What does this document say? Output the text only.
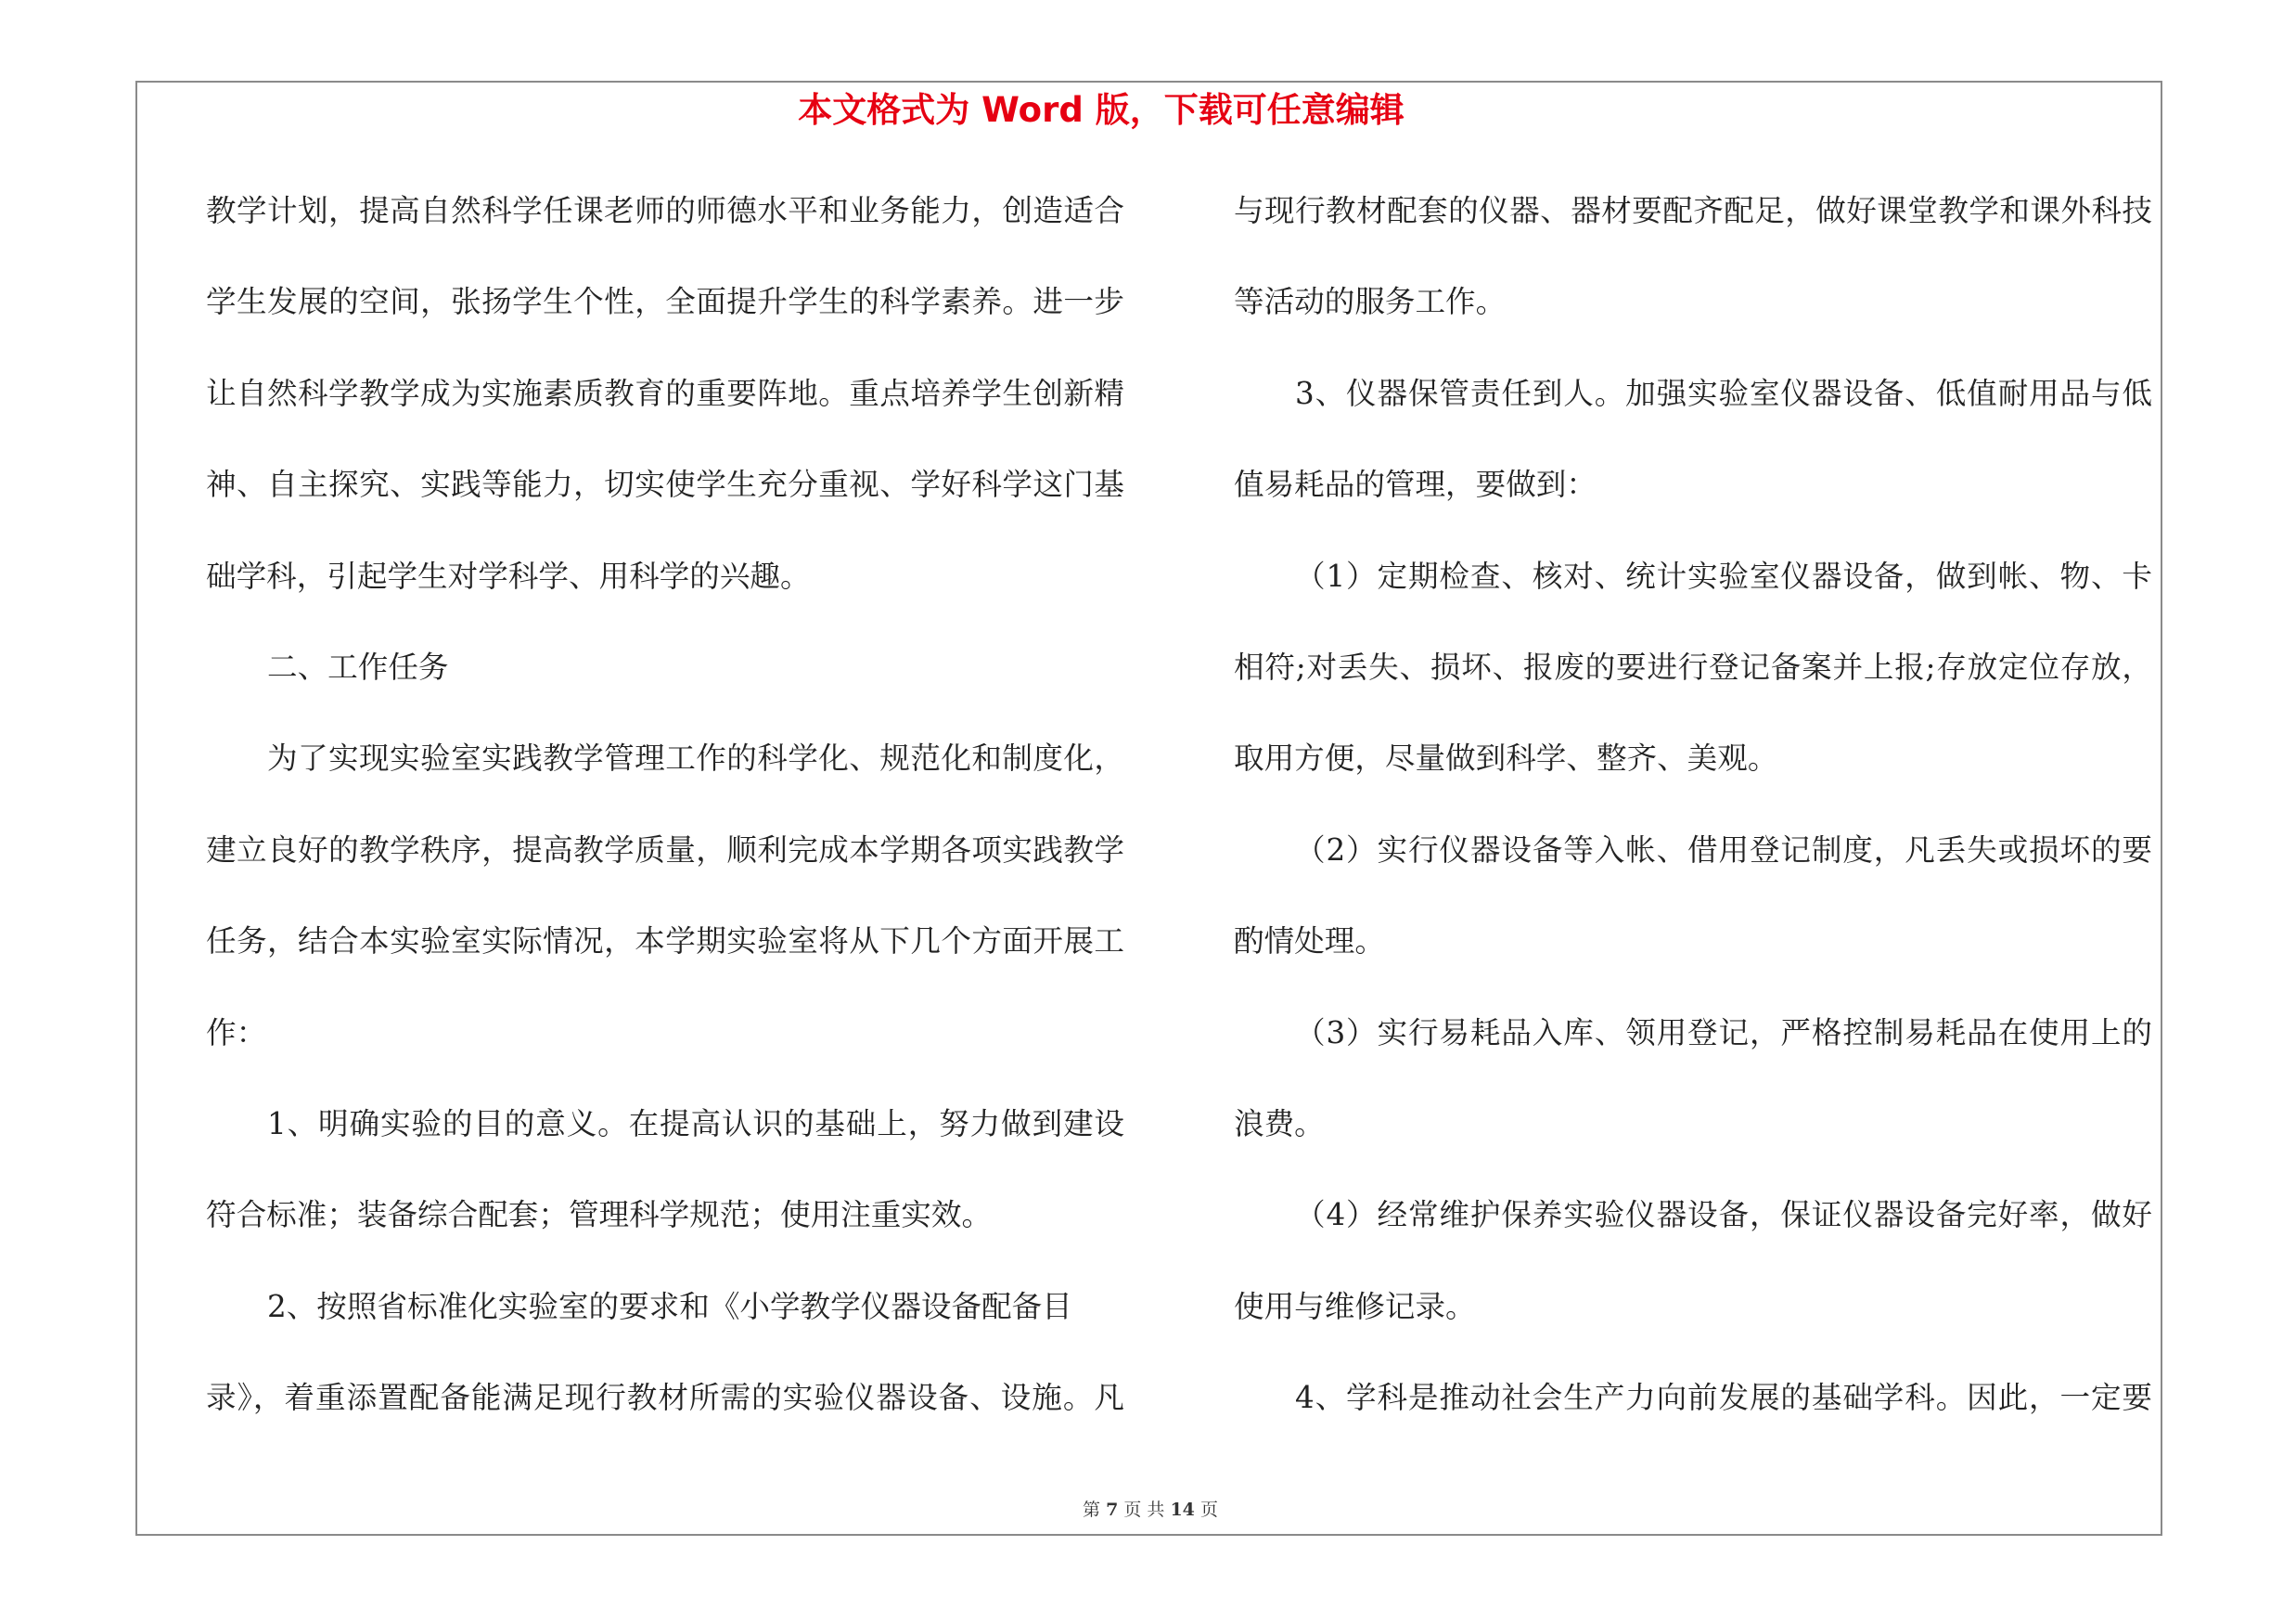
本文格式为 Word 版，下载可任意编辑
教学计划，提高自然科学任课老师的师德水平和业务能力，创造适合
学生发展的空间，张扬学生个性，全面提升学生的科学素养。进一步
让自然科学教学成为实施素质教育的重要阵地。重点培养学生创新精
神、自主探究、实践等能力，切实使学生充分重视、学好科学这门基
础学科，引起学生对学科学、用科学的兴趣。
二、工作任务
为了实现实验室实践教学管理工作的科学化、规范化和制度化，
建立良好的教学秩序，提高教学质量，顺利完成本学期各项实践教学
任务，结合本实验室实际情况，本学期实验室将从下几个方面开展工
作：
1、明确实验的目的意义。在提高认识的基础上，努力做到建设
符合标准；装备综合配套；管理科学规范；使用注重实效。
2、按照省标准化实验室的要求和《小学教学仪器设备配备目
录》，着重添置配备能满足现行教材所需的实验仪器设备、设施。凡
与现行教材配套的仪器、器材要配齐配足，做好课堂教学和课外科技
等活动的服务工作。
3、仪器保管责任到人。加强实验室仪器设备、低值耐用品与低
值易耗品的管理，要做到：
（1）定期检查、核对、统计实验室仪器设备，做到帐、物、卡
相符;对丢失、损坏、报废的要进行登记备案并上报;存放定位存放，
取用方便，尽量做到科学、整齐、美观。
（2）实行仪器设备等入帐、借用登记制度，凡丢失或损坏的要
酌情处理。
（3）实行易耗品入库、领用登记，严格控制易耗品在使用上的
浪费。
（4）经常维护保养实验仪器设备，保证仪器设备完好率，做好
使用与维修记录。
4、学科是推动社会生产力向前发展的基础学科。因此，一定要
第 7 页 共 14 页
